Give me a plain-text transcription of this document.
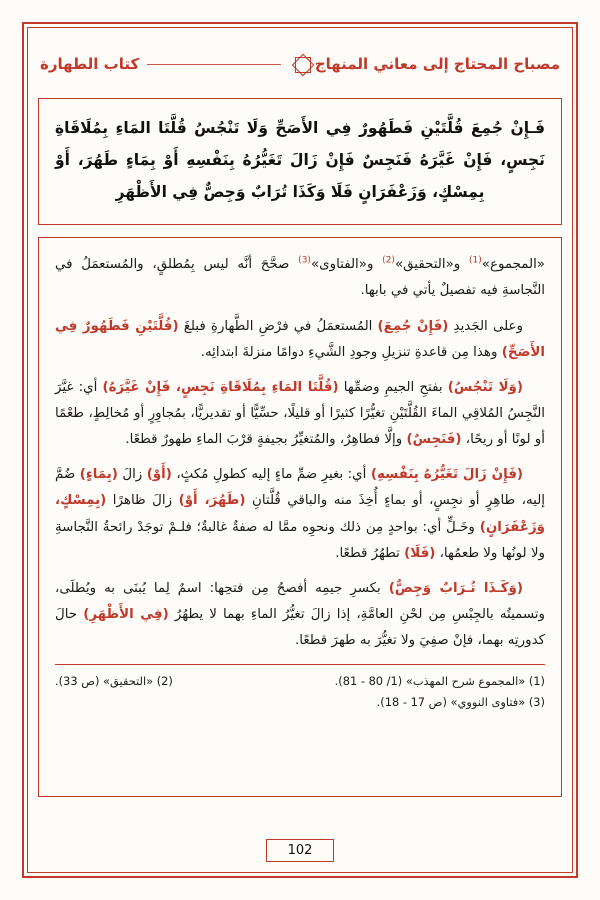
مصباح المحتاج إلى معاني المنهاج
كتاب الطهارة
فَـإِنْ جُمِعَ قُلَّتَيْنِ فَطَهُورٌ فِي الأَصَحِّ وَلَا تَنْجُسُ قُلَّتَا المَاءِ بِمُلَاقَاةِ نَجِسٍ، فَإِنْ غَيَّرَهُ فَنَجِسٌ فَإِنْ زَالَ تَغَيُّرُهُ بِنَفْسِهِ أَوْ بِمَاءٍ طَهُرَ، أَوْ بِمِسْكٍ، وَزَعْفَرَانٍ فَلَا وَكَذَا تُرَابٌ وَجِصٌّ فِي الأَظْهَرِ
«المجموع»$^{(1)}$ و«التحقيق»$^{(2)}$ و«الفتاوى»$^{(3)}$ صحَّحَ أنَّه ليس بِمُطلقٍ، والمُستعمَلُ في النَّجاسةِ فيه تفصيلٌ يأتي في بابها.
وعلى الجَديدِ (فَإِنْ جُمِعَ) المُستعمَلُ في فرْضِ الطَّهارةِ فبلغَ (قُلَّتَيْنِ فَطَهُورٌ فِي الأَصَحِّ) وهذا مِن قاعدةِ تنزيلِ وجودِ الشَّيءِ دوامًا منزلةَ ابتدائِه.
(وَلَا تَنْجُسُ) بفتحِ الجيمِ وضمِّها (قُلَّتَا المَاءِ بِمُلَاقَاةِ نَجِسٍ، فَإِنْ غَيَّرَهُ) أي: غيَّرَ النَّجِسُ المُلاقِي الماءَ القُلَّتَيْنِ تغيُّرًا كثيرًا أو قليلًا، حسِّيًّا أو تقديريًّا، بمُجاوِرٍ أو مُخالِطٍ، طعْمًا أو لونًا أو ريحًا، (فَنَجِسٌ) وإلَّا فطاهِرٌ، والمُتغيِّرُ بجيفةٍ قرْبَ الماءِ طهورٌ قطعًا.
(فَإِنْ زَالَ تَغَيُّرُهُ بِنَفْسِهِ) أي: بغيرِ ضمِّ ماءٍ إليه كطولِ مُكثٍ، (أَوْ) زالَ (بِمَاءٍ) ضُمَّ إليه، طاهِرٍ أو نجِسٍ، أو بماءٍ أُخِذَ منه والباقي قُلَّتانِ (طَهُرَ، أَوْ) زالَ ظاهرًا (بِمِسْكٍ، وَزَعْفَرَانٍ) وخَـلٍّ أي: بواحدٍ مِن ذلك ونحوِه ممَّا له صفةٌ غالبةٌ؛ فلـمْ توجَدْ رائحةُ النَّجاسةِ ولا لونُها ولا طعمُها، (فَلَا) تطهُرُ قطعًا.
(وَكَـذَا تُـرَابٌ وَجِصٌّ) بكسرِ جيمِه أفصحُ مِن فتحِها: اسمٌ لِما يُبنَى به ويُطلَى، وتسميتُه بالجِبْسِ مِن لحْنِ العامَّةِ، إذا زالَ تغيُّرُ الماءِ بهما لا يطهُرُ (فِي الأَظْهَرِ) حالَ كدورتِه بهما، فإنْ صفِيَ ولا تغيُّرَ به طهرَ قطعًا.
(1) «المجموع شرح المهذب» (1/ 80 - 81).
(2) «التحقيق» (ص 33).
(3) «فتاوى النووي» (ص 17 - 18).
102
